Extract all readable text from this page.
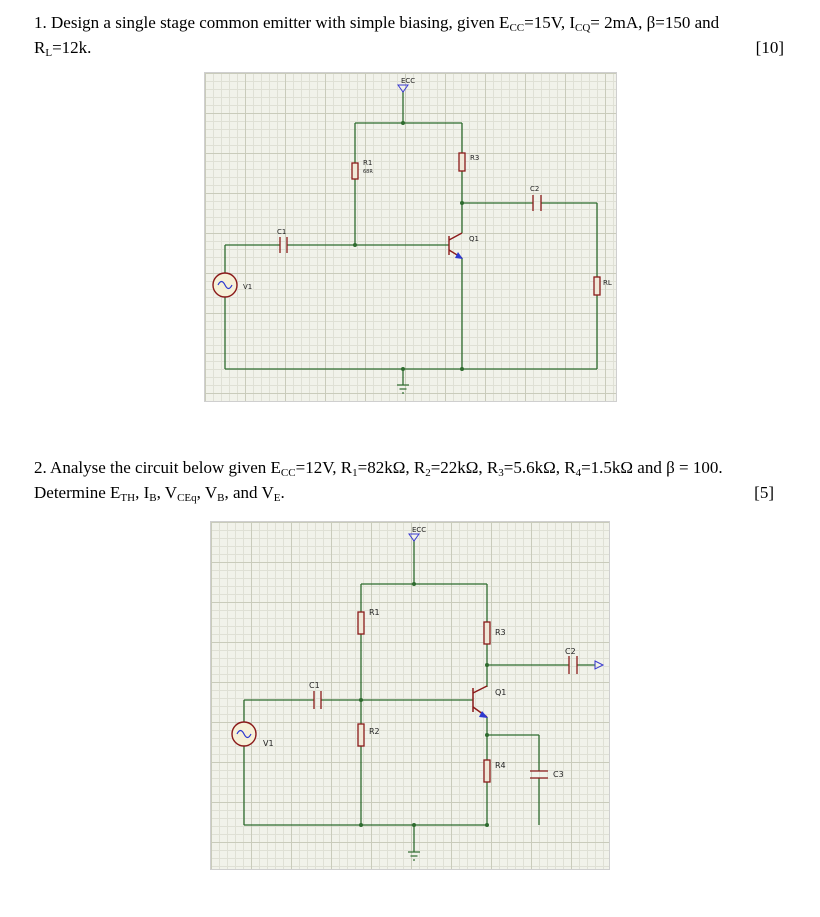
1. Design a single stage common emitter with simple biasing, given $E_{CC}=15V$, $I_{CQ}= 2mA$, β=150 and
$R_L=12k$.	[10]
ECC
R1
68R
R3
C1
C2
Q1
RL
V1
2. Analyse the circuit below given $E_{CC}=12V$, $R_1=82k\Omega$, $R_2=22k\Omega$, $R_3=5.6k\Omega$, $R_4=1.5k\Omega$ and β = 100.
Determine $E_{TH}$, $I_B$, $V_{CEq}$, $V_B$, and $V_E$.	[5]
ECC
R1
R2
R3
R4
C1
C2
C3
Q1
V1
